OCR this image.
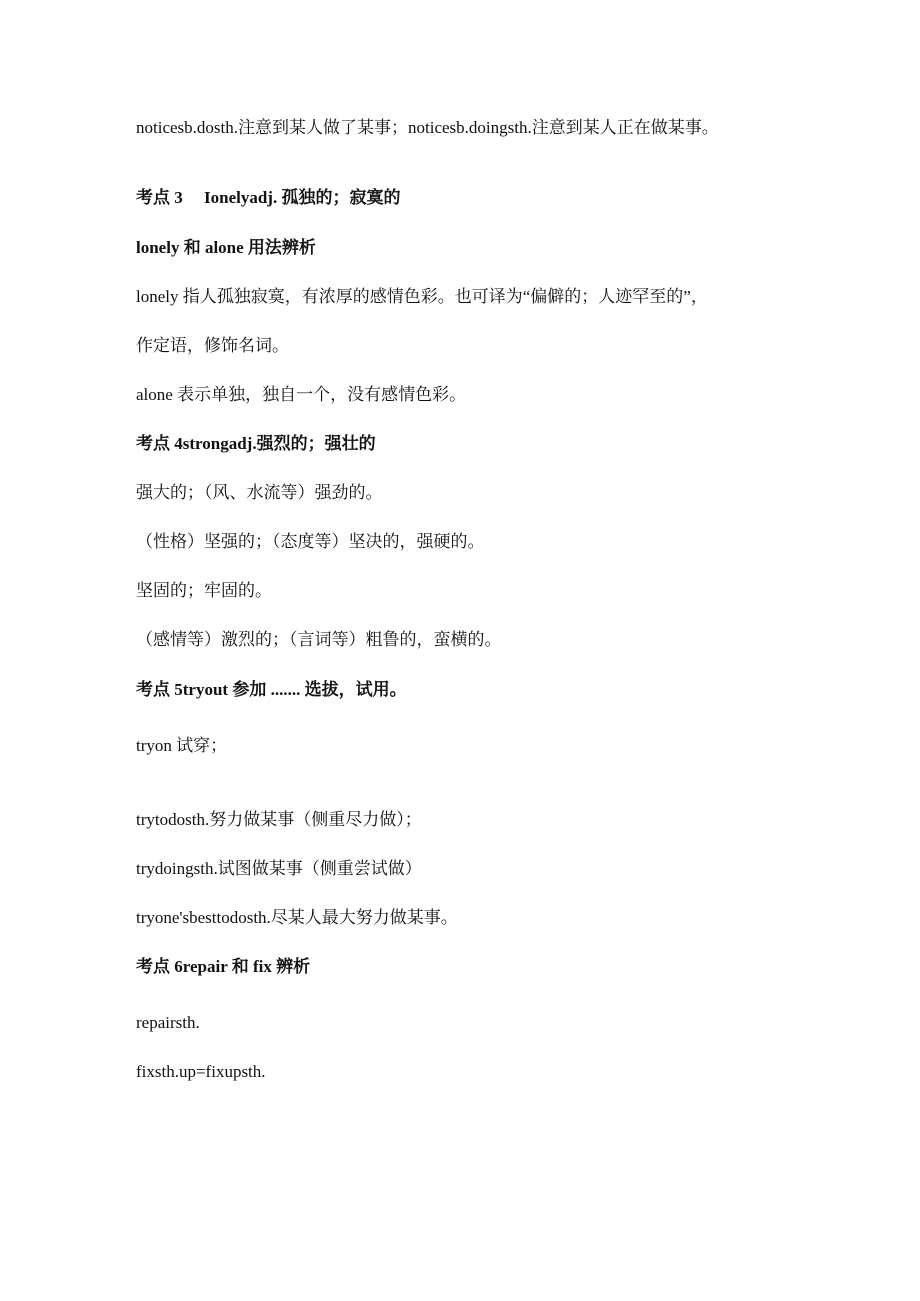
noticesb.dosth.注意到某人做了某事；noticesb.doingsth.注意到某人正在做某事。
考点 3　 Ionelyadj. 孤独的；寂寞的
lonely 和 alone 用法辨析
lonely 指人孤独寂寞，有浓厚的感情色彩。也可译为“偏僻的；人迹罕至的”，
作定语，修饰名词。
alone 表示单独，独自一个，没有感情色彩。
考点 4strongadj.强烈的；强壮的
强大的；（风、水流等）强劲的。
（性格）坚强的；（态度等）坚决的，强硬的。
坚固的；牢固的。
（感情等）激烈的；（言词等）粗鲁的，蛮横的。
考点 5tryout 参加 ....... 选拔，试用。
tryon 试穿；
trytodosth.努力做某事（侧重尽力做）；
trydoingsth.试图做某事（侧重尝试做）
tryone'sbesttodosth.尽某人最大努力做某事。
考点 6repair 和 fix 辨析
repairsth.
fixsth.up=fixupsth.
